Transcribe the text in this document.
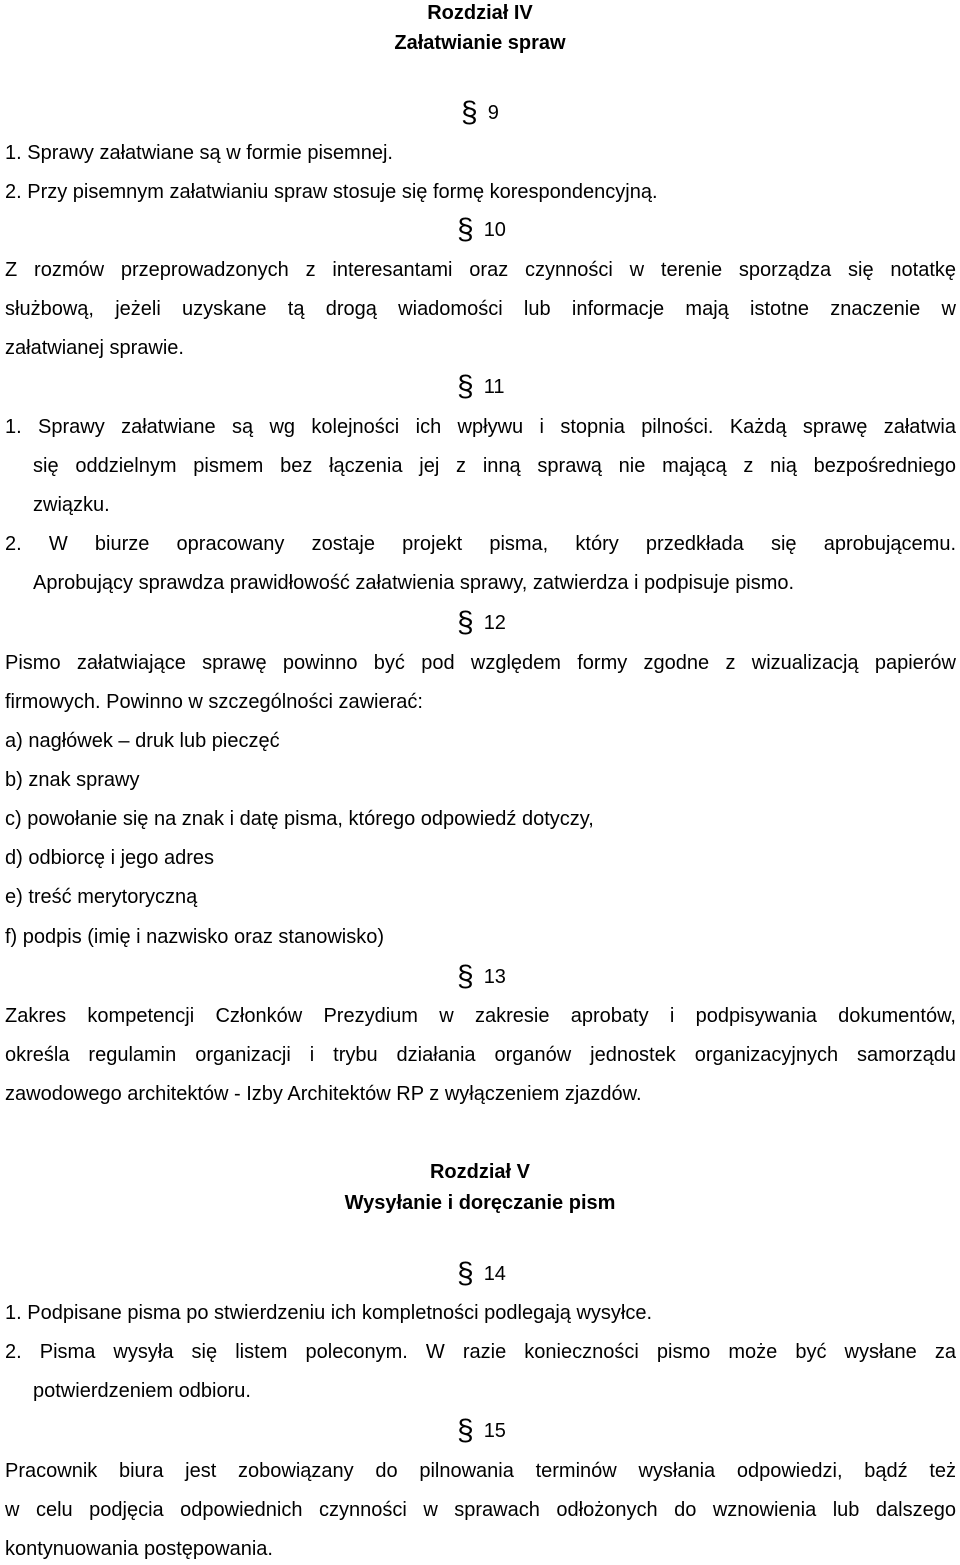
Rozdział IV
Załatwianie spraw
§ 9
1. Sprawy załatwiane są w formie pisemnej.
2. Przy pisemnym załatwianiu spraw stosuje się formę korespondencyjną.
§ 10
Z rozmów przeprowadzonych z interesantami oraz czynności w terenie sporządza się notatkę
służbową, jeżeli uzyskane tą drogą wiadomości lub informacje mają istotne znaczenie w
załatwianej sprawie.
§ 11
1. Sprawy załatwiane są wg kolejności ich wpływu i stopnia pilności. Każdą sprawę załatwia
się oddzielnym pismem bez łączenia jej z inną sprawą nie mającą z nią bezpośredniego
związku.
2. W biurze opracowany zostaje projekt pisma, który przedkłada się aprobującemu.
Aprobujący sprawdza prawidłowość załatwienia sprawy, zatwierdza i podpisuje pismo.
§ 12
Pismo załatwiające sprawę powinno być pod względem formy zgodne z wizualizacją papierów
firmowych. Powinno w szczególności zawierać:
a) nagłówek – druk lub pieczęć
b) znak sprawy
c) powołanie się na znak i datę pisma, którego odpowiedź dotyczy,
d) odbiorcę i jego adres
e) treść merytoryczną
f) podpis (imię i nazwisko oraz stanowisko)
§ 13
Zakres kompetencji Członków Prezydium w zakresie aprobaty i podpisywania dokumentów,
określa regulamin organizacji i trybu działania organów jednostek organizacyjnych samorządu
zawodowego architektów - Izby Architektów RP z wyłączeniem zjazdów.
Rozdział V
Wysyłanie i doręczanie pism
§ 14
1. Podpisane pisma po stwierdzeniu ich kompletności podlegają wysyłce.
2. Pisma wysyła się listem poleconym. W razie konieczności pismo może być wysłane za
potwierdzeniem odbioru.
§ 15
Pracownik biura jest zobowiązany do pilnowania terminów wysłania odpowiedzi, bądź też
w celu podjęcia odpowiednich czynności w sprawach odłożonych do wznowienia lub dalszego
kontynuowania postępowania.
